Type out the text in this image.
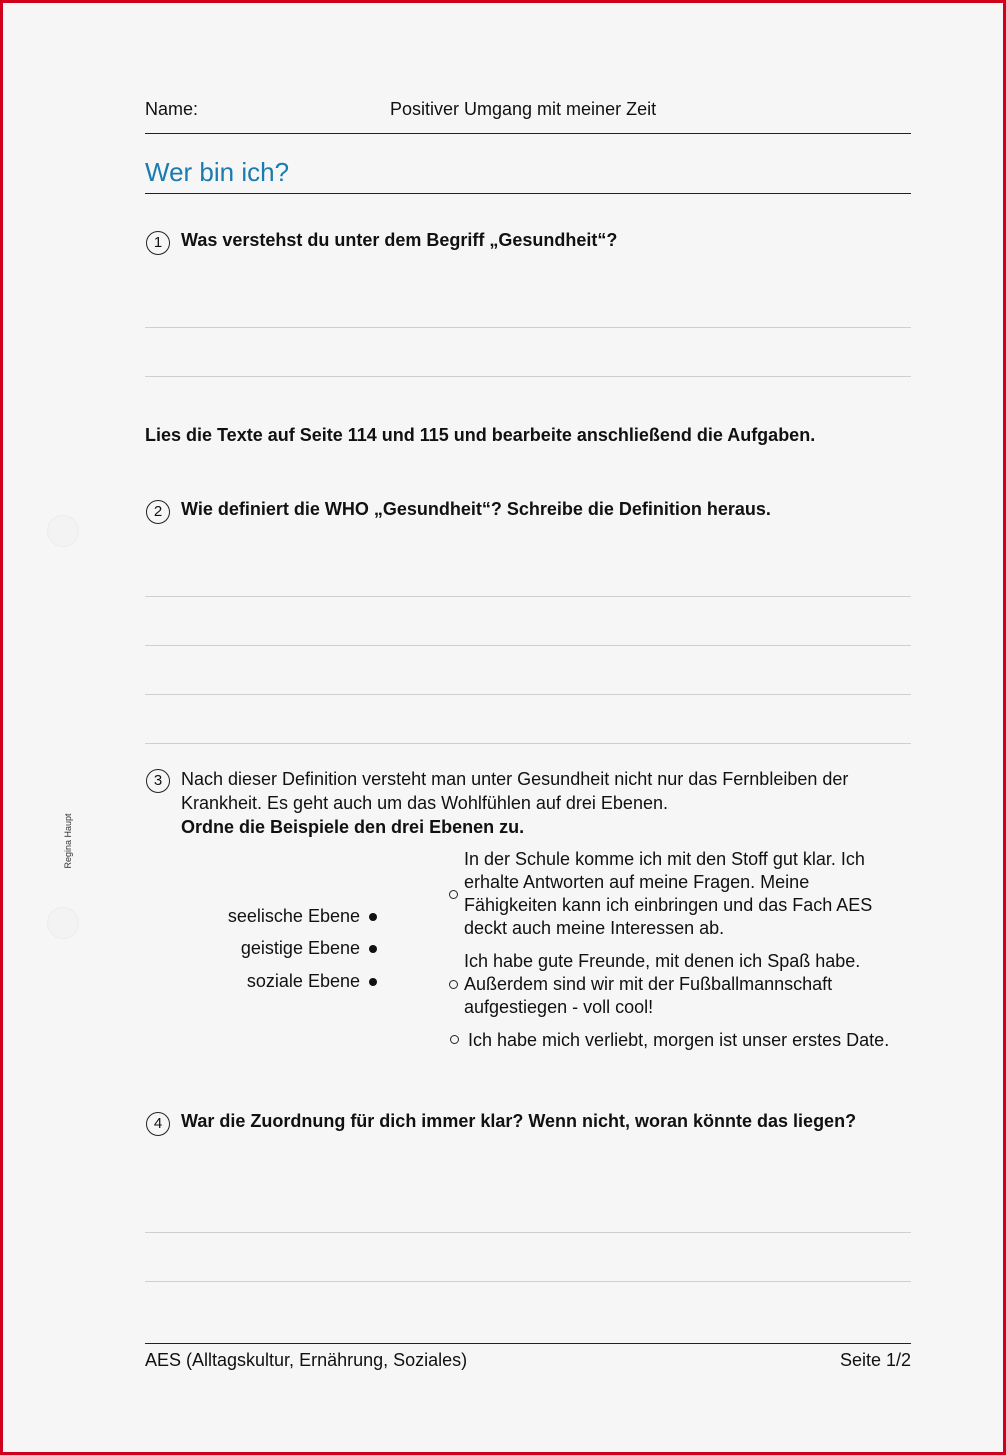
Name:	Positiver Umgang mit meiner Zeit
Wer bin ich?
1	Was verstehst du unter dem Begriff „Gesundheit“?
Lies die Texte auf Seite 114 und 115 und bearbeite anschließend die Aufgaben.
2	Wie definiert die WHO „Gesundheit“? Schreibe die Definition heraus.
3	Nach dieser Definition versteht man unter Gesundheit nicht nur das Fernbleiben der
Krankheit. Es geht auch um das Wohlfühlen auf drei Ebenen.
Ordne die Beispiele den drei Ebenen zu.
seelische Ebene
geistige Ebene
soziale Ebene
In der Schule komme ich mit den Stoff gut klar. Ich
erhalte Antworten auf meine Fragen. Meine
Fähigkeiten kann ich einbringen und das Fach AES
deckt auch meine Interessen ab.
Ich habe gute Freunde, mit denen ich Spaß habe.
Außerdem sind wir mit der Fußballmannschaft
aufgestiegen - voll cool!
Ich habe mich verliebt, morgen ist unser erstes Date.
4	War die Zuordnung für dich immer klar? Wenn nicht, woran könnte das liegen?
AES (Alltagskultur, Ernährung, Soziales)	Seite 1/2
Regina Haupt
